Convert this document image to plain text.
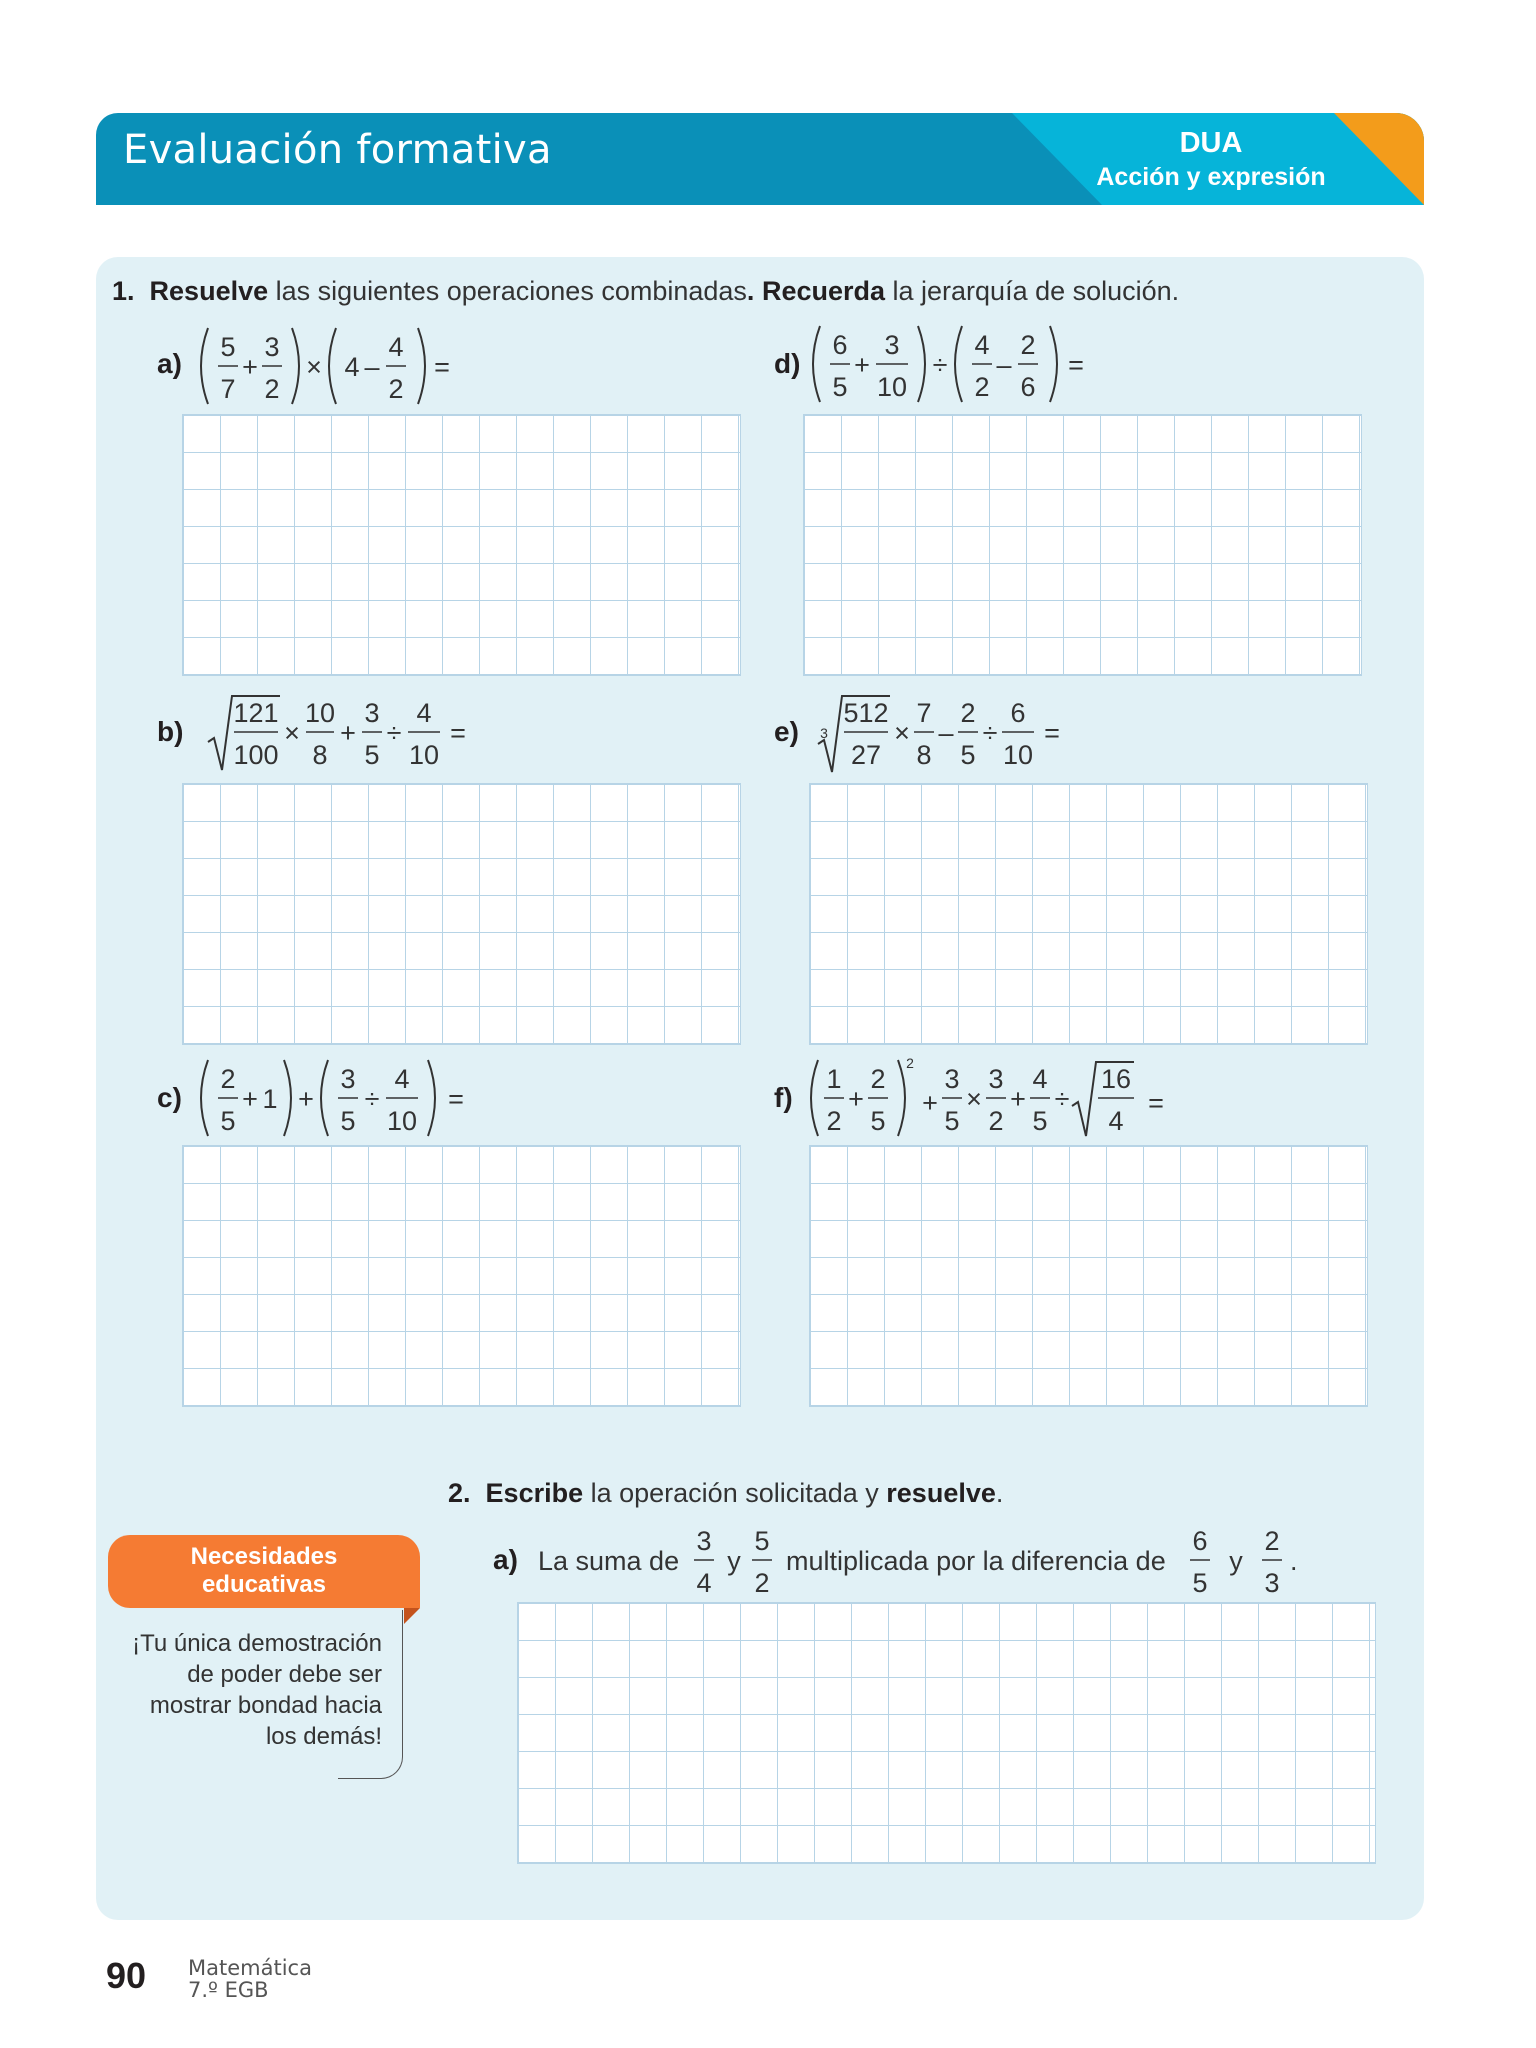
Evaluación formativa	DUA
Acción y expresión
1. Resuelve las siguientes operaciones combinadas. Recuerda la jerarquía de solución.
a)
5
7
+
3
2
× 4 –
4
2
=	d)
6
5
+
3
10
÷
4
2
–
2
6
=
b)
121
100
×
10
8
+
3
5
÷
4
10
=	e) 3
512
27
×
7
8
–
2
5
÷
6
10
=
c)
2
5
+ 1 +
3
5
÷
4
10
=	f)
1
2
+
2
5
2
+
3
5
×
3
2
+
4
5
÷
16
4
=
2. Escribe la operación solicitada y resuelve.
a) La suma de
3
4
y
5
2
multiplicada por la diferencia de
6
5
y
2
3
.
Necesidades
educativas
¡Tu única demostración
de poder debe ser
mostrar bondad hacia
los demás!
90 Matemática
7.º EGB
